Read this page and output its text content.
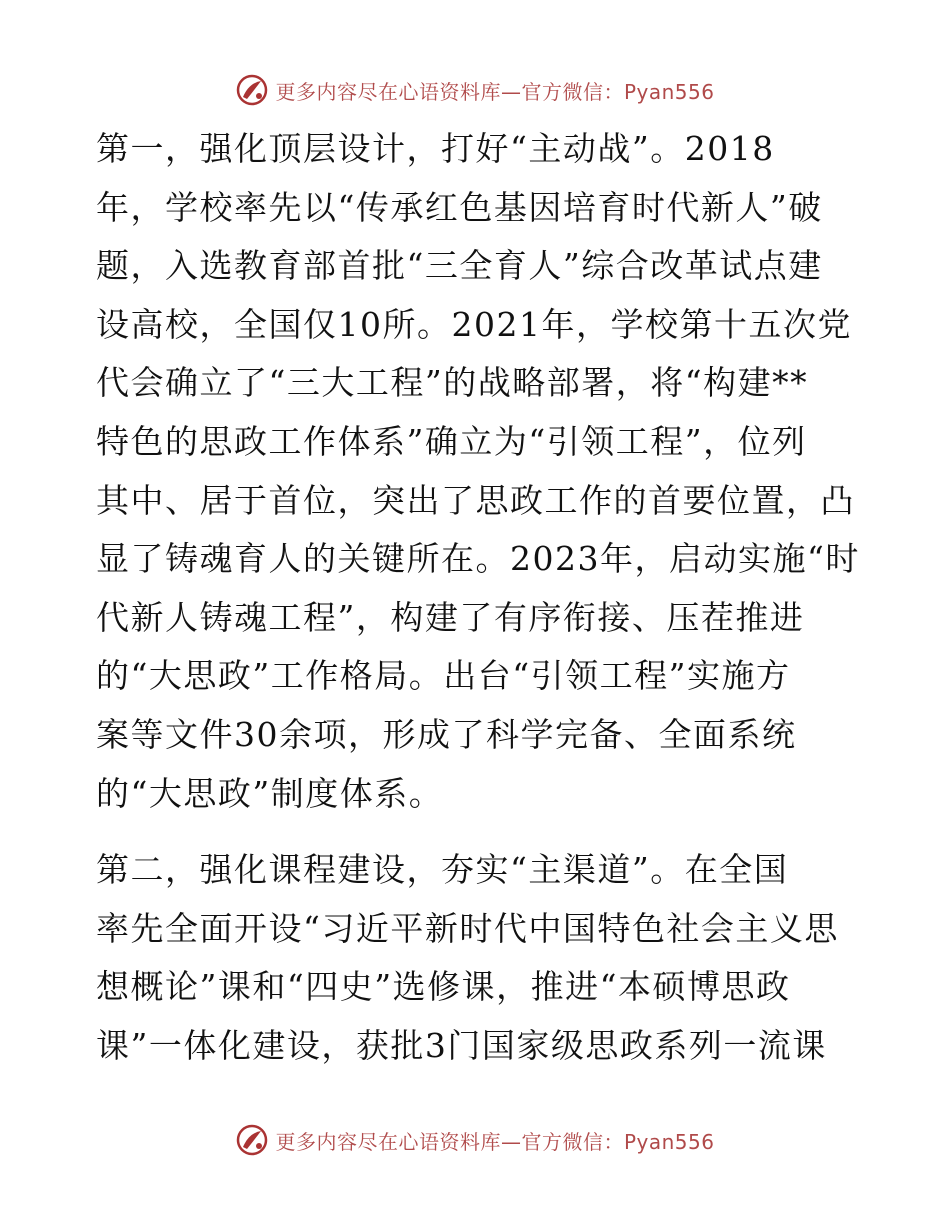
更多内容尽在心语资料库—官方微信：Pyan556

第一，强化顶层设计，打好“主动战”。2018
年，学校率先以“传承红色基因培育时代新人”破
题，入选教育部首批“三全育人”综合改革试点建
设高校，全国仅10所。2021年，学校第十五次党
代会确立了“三大工程”的战略部署，将“构建**
特色的思政工作体系”确立为“引领工程”，位列
其中、居于首位，突出了思政工作的首要位置，凸
显了铸魂育人的关键所在。2023年，启动实施“时
代新人铸魂工程”，构建了有序衔接、压茬推进
的“大思政”工作格局。出台“引领工程”实施方
案等文件30余项，形成了科学完备、全面系统
的“大思政”制度体系。

第二，强化课程建设，夯实“主渠道”。在全国
率先全面开设“习近平新时代中国特色社会主义思
想概论”课和“四史”选修课，推进“本硕博思政
课”一体化建设，获批3门国家级思政系列一流课

更多内容尽在心语资料库—官方微信：Pyan556
